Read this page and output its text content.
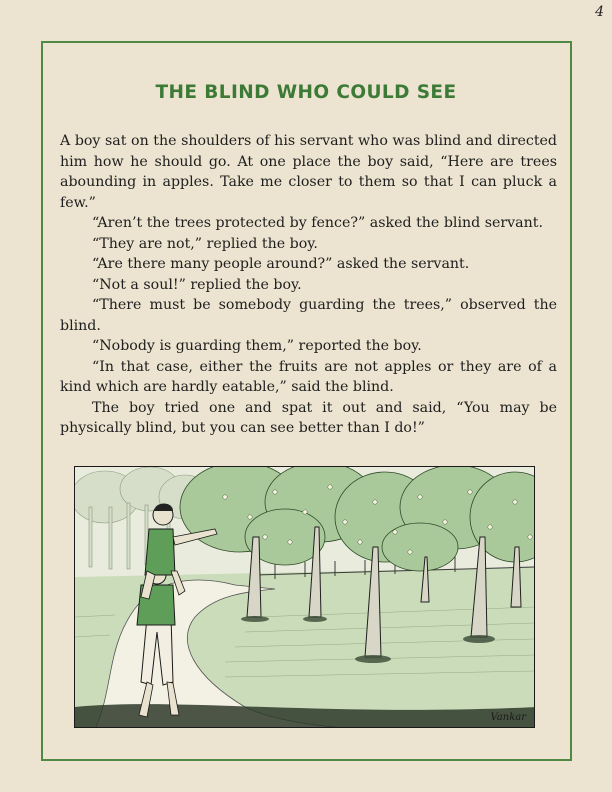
4
THE BLIND WHO COULD SEE

A boy sat on the shoulders of his servant who was blind and directed him how he should go. At one place the boy said, “Here are trees abounding in apples. Take me closer to them so that I can pluck a few.”

“Aren’t the trees protected by fence?” asked the blind servant.

“They are not,” replied the boy.

“Are there many people around?” asked the servant.

“Not a soul!” replied the boy.

“There must be somebody guarding the trees,” observed the blind.

“Nobody is guarding them,” reported the boy.

“In that case, either the fruits are not apples or they are of a kind which are hardly eatable,” said the blind.

The boy tried one and spat it out and said, “You may be physically blind, but you can see better than I do!”

Vankar
